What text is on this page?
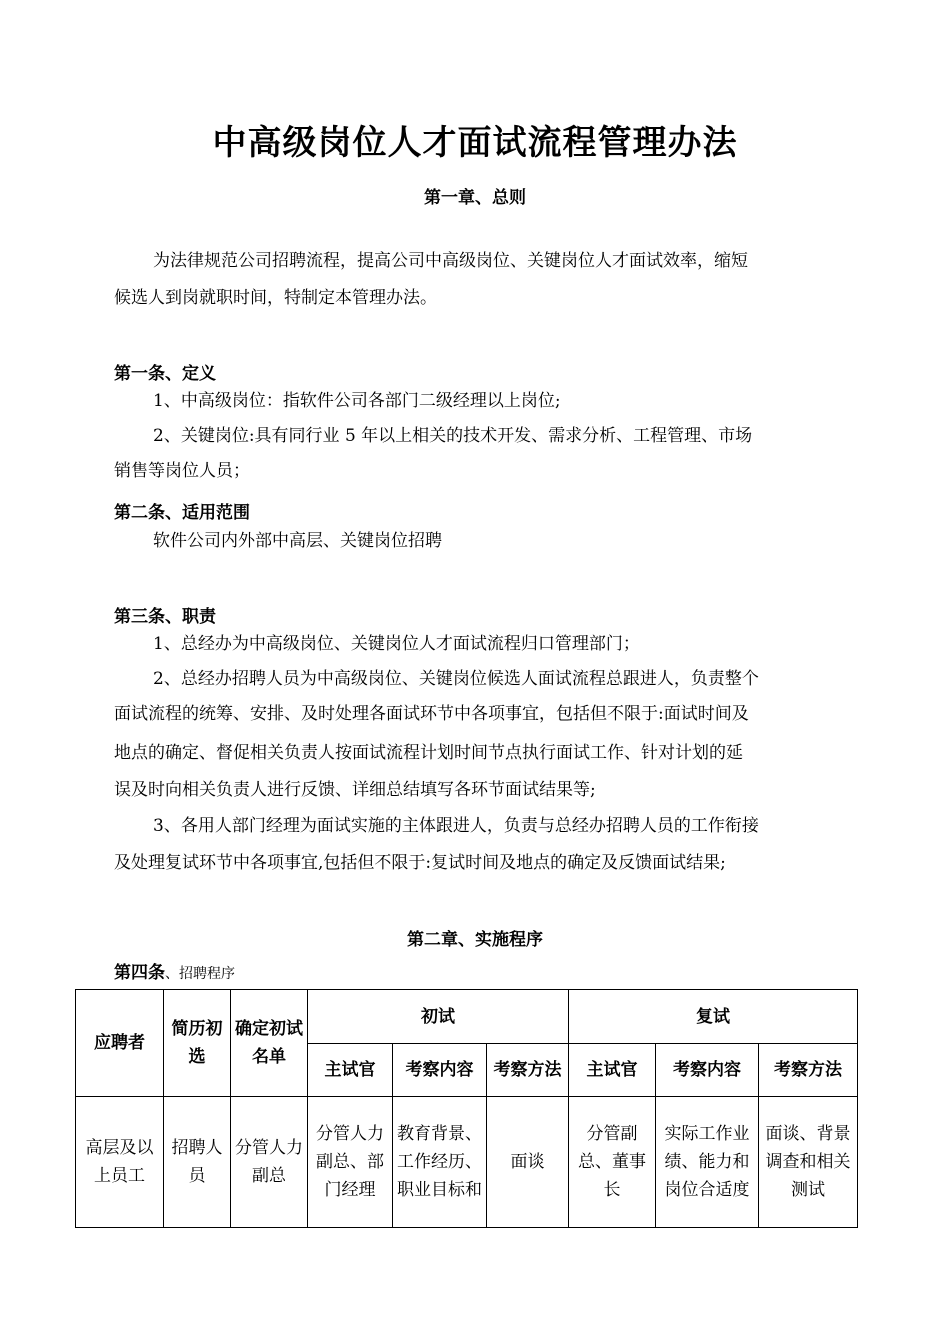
中高级岗位人才面试流程管理办法
第一章、总则
为法律规范公司招聘流程，提高公司中高级岗位、关键岗位人才面试效率，缩短
候选人到岗就职时间，特制定本管理办法。
第一条、定义
1、中高级岗位：指软件公司各部门二级经理以上岗位;
2、关键岗位:具有同行业 5 年以上相关的技术开发、需求分析、工程管理、市场
销售等岗位人员；
第二条、适用范围
软件公司内外部中高层、关键岗位招聘
第三条、职责
1、总经办为中高级岗位、关键岗位人才面试流程归口管理部门；
2、总经办招聘人员为中高级岗位、关键岗位候选人面试流程总跟进人，负责整个
面试流程的统筹、安排、及时处理各面试环节中各项事宜，包括但不限于:面试时间及
地点的确定、督促相关负责人按面试流程计划时间节点执行面试工作、针对计划的延
误及时向相关负责人进行反馈、详细总结填写各环节面试结果等;
3、各用人部门经理为面试实施的主体跟进人，负责与总经办招聘人员的工作衔接
及处理复试环节中各项事宜,包括但不限于:复试时间及地点的确定及反馈面试结果;
第二章、实施程序
第四条、招聘程序
应聘者	简历初选	确定初试名单	初试			复试		
			主试官	考察内容	考察方法	主试官	考察内容	考察方法
高层及以上员工	招聘人员	分管人力副总	分管人力副总、部门经理	教育背景、工作经历、职业目标和	面谈	分管副总、董事长	实际工作业绩、能力和岗位合适度	面谈、背景调查和相关测试
